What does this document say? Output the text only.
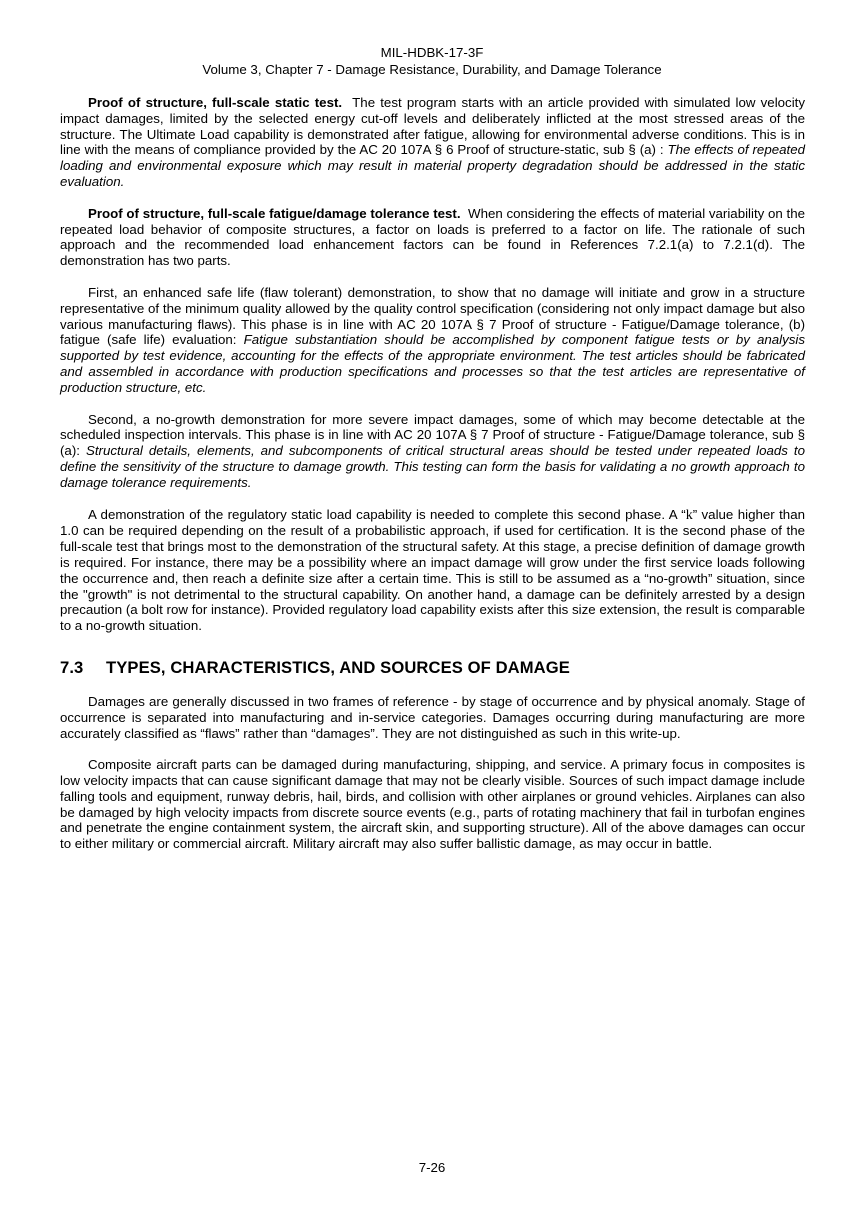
MIL-HDBK-17-3F
Volume 3, Chapter 7 - Damage Resistance, Durability, and Damage Tolerance

Proof of structure, full-scale static test. The test program starts with an article provided with simulated low velocity impact damages, limited by the selected energy cut-off levels and deliberately inflicted at the most stressed areas of the structure. The Ultimate Load capability is demonstrated after fatigue, allowing for environmental adverse conditions. This is in line with the means of compliance provided by the AC 20 107A § 6 Proof of structure-static, sub § (a) : The effects of repeated loading and environmental exposure which may result in material property degradation should be addressed in the static evaluation.

Proof of structure, full-scale fatigue/damage tolerance test. When considering the effects of material variability on the repeated load behavior of composite structures, a factor on loads is preferred to a factor on life. The rationale of such approach and the recommended load enhancement factors can be found in References 7.2.1(a) to 7.2.1(d). The demonstration has two parts.

First, an enhanced safe life (flaw tolerant) demonstration, to show that no damage will initiate and grow in a structure representative of the minimum quality allowed by the quality control specification (considering not only impact damage but also various manufacturing flaws). This phase is in line with AC 20 107A § 7 Proof of structure - Fatigue/Damage tolerance, (b) fatigue (safe life) evaluation: Fatigue substantiation should be accomplished by component fatigue tests or by analysis supported by test evidence, accounting for the effects of the appropriate environment. The test articles should be fabricated and assembled in accordance with production specifications and processes so that the test articles are representative of production structure, etc.

Second, a no-growth demonstration for more severe impact damages, some of which may become detectable at the scheduled inspection intervals. This phase is in line with AC 20 107A § 7 Proof of structure - Fatigue/Damage tolerance, sub § (a): Structural details, elements, and subcomponents of critical structural areas should be tested under repeated loads to define the sensitivity of the structure to damage growth. This testing can form the basis for validating a no growth approach to damage tolerance requirements.

A demonstration of the regulatory static load capability is needed to complete this second phase. A “k” value higher than 1.0 can be required depending on the result of a probabilistic approach, if used for certification. It is the second phase of the full-scale test that brings most to the demonstration of the structural safety. At this stage, a precise definition of damage growth is required. For instance, there may be a possibility where an impact damage will grow under the first service loads following the occurrence and, then reach a definite size after a certain time. This is still to be assumed as a “no-growth” situation, since the "growth" is not detrimental to the structural capability. On another hand, a damage can be definitely arrested by a design precaution (a bolt row for instance). Provided regulatory load capability exists after this size extension, the result is comparable to a no-growth situation.

7.3 TYPES, CHARACTERISTICS, AND SOURCES OF DAMAGE

Damages are generally discussed in two frames of reference - by stage of occurrence and by physical anomaly. Stage of occurrence is separated into manufacturing and in-service categories. Damages occurring during manufacturing are more accurately classified as “flaws” rather than “damages”. They are not distinguished as such in this write-up.

Composite aircraft parts can be damaged during manufacturing, shipping, and service. A primary focus in composites is low velocity impacts that can cause significant damage that may not be clearly visible. Sources of such impact damage include falling tools and equipment, runway debris, hail, birds, and collision with other airplanes or ground vehicles. Airplanes can also be damaged by high velocity impacts from discrete source events (e.g., parts of rotating machinery that fail in turbofan engines and penetrate the engine containment system, the aircraft skin, and supporting structure). All of the above damages can occur to either military or commercial aircraft. Military aircraft may also suffer ballistic damage, as may occur in battle.

7-26
